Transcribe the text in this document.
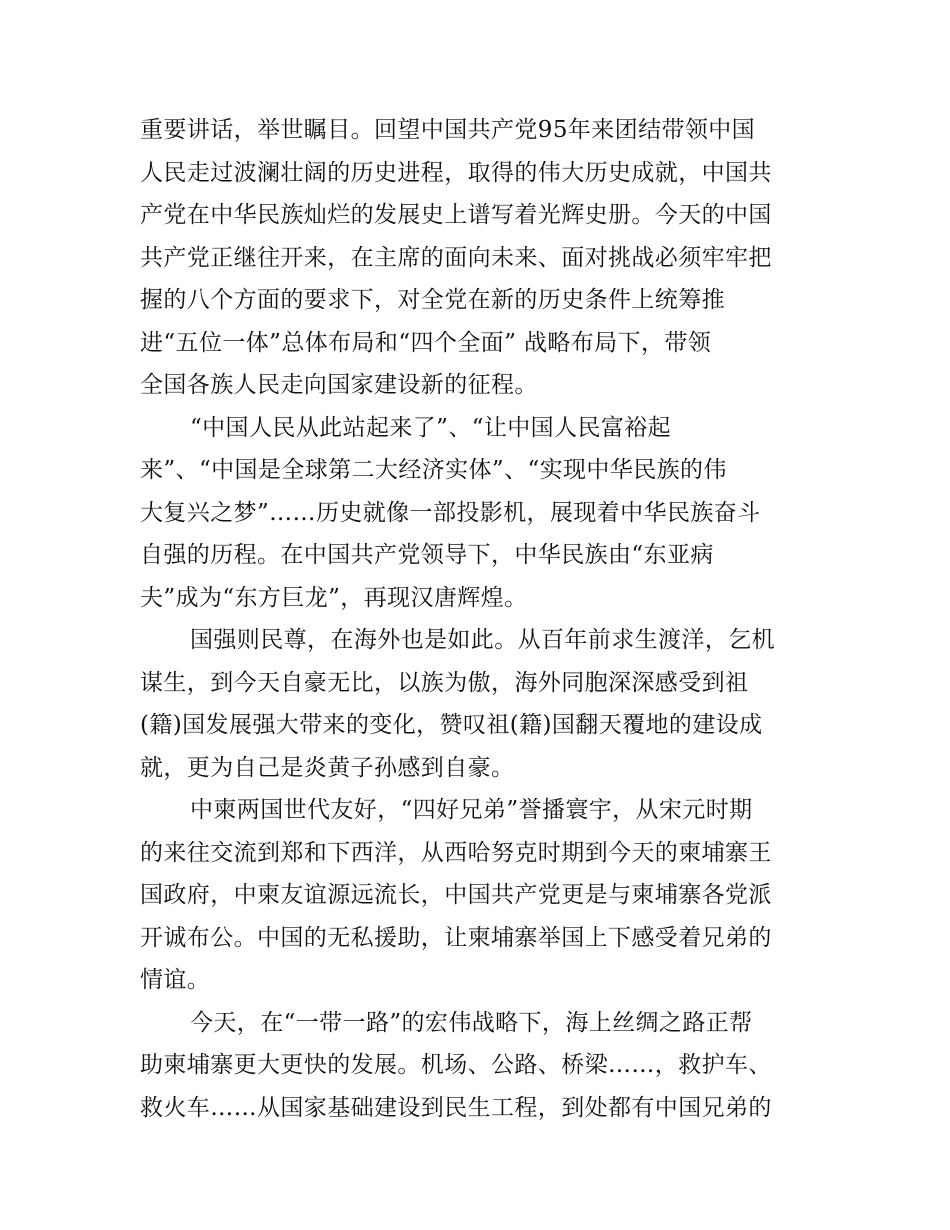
重要讲话，举世瞩目。回望中国共产党95年来团结带领中国
人民走过波澜壮阔的历史进程，取得的伟大历史成就，中国共
产党在中华民族灿烂的发展史上谱写着光辉史册。今天的中国
共产党正继往开来，在主席的面向未来、面对挑战必须牢牢把
握的八个方面的要求下，对全党在新的历史条件上统筹推
进“五位一体”总体布局和“四个全面” 战略布局下，带领
全国各族人民走向国家建设新的征程。
“中国人民从此站起来了”、“让中国人民富裕起
来”、“中国是全球第二大经济实体”、“实现中华民族的伟
大复兴之梦”……历史就像一部投影机，展现着中华民族奋斗
自强的历程。在中国共产党领导下，中华民族由“东亚病
夫”成为“东方巨龙”，再现汉唐辉煌。
国强则民尊，在海外也是如此。从百年前求生渡洋，乞机
谋生，到今天自豪无比，以族为傲，海外同胞深深感受到祖
(籍)国发展强大带来的变化，赞叹祖(籍)国翻天覆地的建设成
就，更为自己是炎黄子孙感到自豪。
中柬两国世代友好，“四好兄弟”誉播寰宇，从宋元时期
的来往交流到郑和下西洋，从西哈努克时期到今天的柬埔寨王
国政府，中柬友谊源远流长，中国共产党更是与柬埔寨各党派
开诚布公。中国的无私援助，让柬埔寨举国上下感受着兄弟的
情谊。
今天，在“一带一路”的宏伟战略下，海上丝绸之路正帮
助柬埔寨更大更快的发展。机场、公路、桥梁……，救护车、
救火车……从国家基础建设到民生工程，到处都有中国兄弟的
